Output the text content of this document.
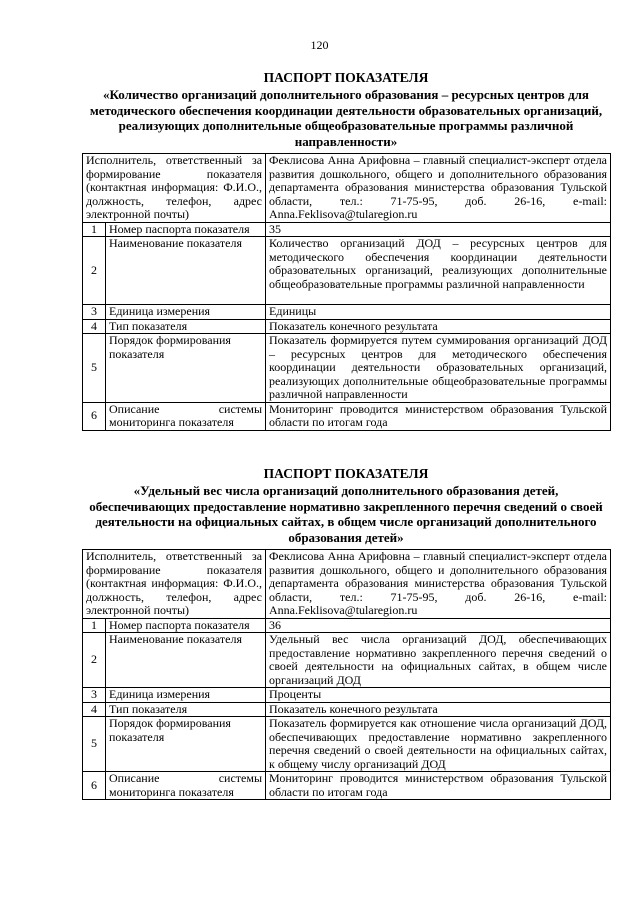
120
ПАСПОРТ ПОКАЗАТЕЛЯ
«Количество организаций дополнительного образования – ресурсных центров для методического обеспечения координации деятельности образовательных организаций, реализующих дополнительные общеобразовательные программы различной направленности»
Исполнитель, ответственный за формирование показателя (контактная информация: Ф.И.О., должность, телефон, адрес электронной почты)		Феклисова Анна Арифовна – главный специалист-эксперт отдела развития дошкольного, общего и дополнительного образования департамента образования министерства образования Тульской области, тел.: 71-75-95, доб. 26-16, e-mail: Anna.Feklisova@tularegion.ru
1	Номер паспорта показателя	35
2	Наименование показателя	Количество организаций ДОД – ресурсных центров для методического обеспечения координации деятельности образовательных организаций, реализующих дополнительные общеобразовательные программы различной направленности
3	Единица измерения	Единицы
4	Тип показателя	Показатель конечного результата
5	Порядок формирования показателя	Показатель формируется путем суммирования организаций ДОД – ресурсных центров для методического обеспечения координации деятельности образовательных организаций, реализующих дополнительные общеобразовательные программы различной направленности
6	Описание системы мониторинга показателя	Мониторинг проводится министерством образования Тульской области по итогам года
ПАСПОРТ ПОКАЗАТЕЛЯ
«Удельный вес числа организаций дополнительного образования детей, обеспечивающих предоставление нормативно закрепленного перечня сведений о своей деятельности на официальных сайтах, в общем числе организаций дополнительного образования детей»
Исполнитель, ответственный за формирование показателя (контактная информация: Ф.И.О., должность, телефон, адрес электронной почты)		Феклисова Анна Арифовна – главный специалист-эксперт отдела развития дошкольного, общего и дополнительного образования департамента образования министерства образования Тульской области, тел.: 71-75-95, доб. 26-16, e-mail: Anna.Feklisova@tularegion.ru
1	Номер паспорта показателя	36
2	Наименование показателя	Удельный вес числа организаций ДОД, обеспечивающих предоставление нормативно закрепленного перечня сведений о своей деятельности на официальных сайтах, в общем числе организаций ДОД
3	Единица измерения	Проценты
4	Тип показателя	Показатель конечного результата
5	Порядок формирования показателя	Показатель формируется как отношение числа организаций ДОД, обеспечивающих предоставление нормативно закрепленного перечня сведений о своей деятельности на официальных сайтах, к общему числу организаций ДОД
6	Описание системы мониторинга показателя	Мониторинг проводится министерством образования Тульской области по итогам года
